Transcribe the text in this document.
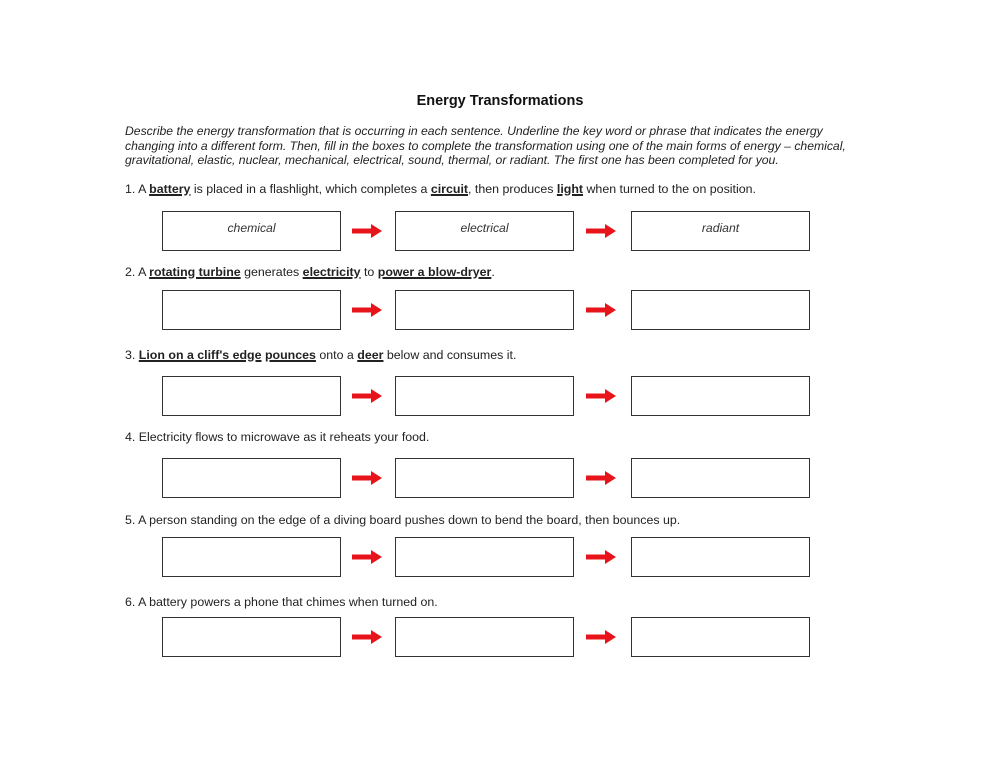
Energy Transformations
Describe the energy transformation that is occurring in each sentence. Underline the key word or phrase that indicates the energy changing into a different form. Then, fill in the boxes to complete the transformation using one of the main forms of energy – chemical, gravitational, elastic, nuclear, mechanical, electrical, sound, thermal, or radiant. The first one has been completed for you.
1. A battery is placed in a flashlight, which completes a circuit, then produces light when turned to the on position.
chemical	electrical	radiant
2. A rotating turbine generates electricity to power a blow-dryer.
3. Lion on a cliff's edge pounces onto a deer below and consumes it.
4. Electricity flows to microwave as it reheats your food.
5. A person standing on the edge of a diving board pushes down to bend the board, then bounces up.
6. A battery powers a phone that chimes when turned on.
